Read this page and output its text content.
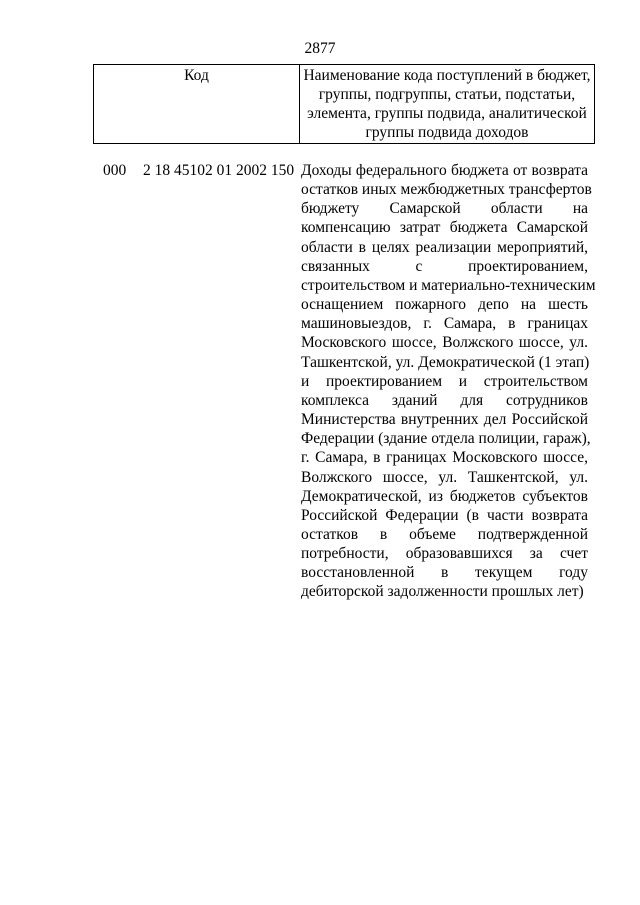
2877
Код	Наименование кода поступлений в бюджет,
группы, подгруппы, статьи, подстатьи,
элемента, группы подвида, аналитической
группы подвида доходов
000 2 18 45102 01 2002 150 Доходы федерального бюджета от возврата
остатков иных межбюджетных трансфертов
бюджету Самарской области на
компенсацию затрат бюджета Самарской
области в целях реализации мероприятий,
связанных с проектированием,
строительством и материально-техническим
оснащением пожарного депо на шесть
машиновыездов, г. Самара, в границах
Московского шоссе, Волжского шоссе, ул.
Ташкентской, ул. Демократической (1 этап)
и проектированием и строительством
комплекса зданий для сотрудников
Министерства внутренних дел Российской
Федерации (здание отдела полиции, гараж),
г. Самара, в границах Московского шоссе,
Волжского шоссе, ул. Ташкентской, ул.
Демократической, из бюджетов субъектов
Российской Федерации (в части возврата
остатков в объеме подтвержденной
потребности, образовавшихся за счет
восстановленной в текущем году
дебиторской задолженности прошлых лет)
